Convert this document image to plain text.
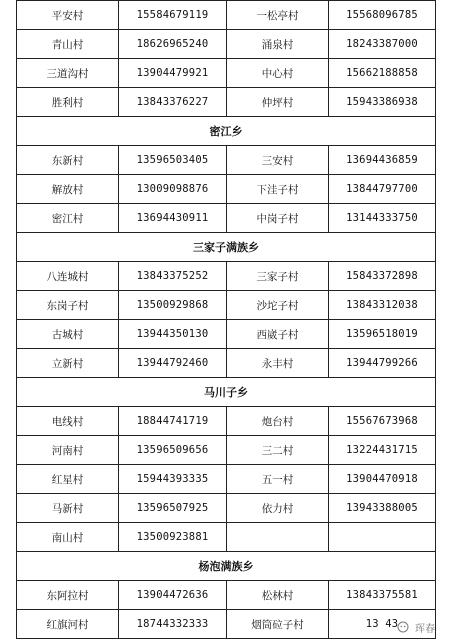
平安村	15584679119	一松亭村	15568096785
青山村	18626965240	涌泉村	18243387000
三道沟村	13904479921	中心村	15662188858
胜利村	13843376227	仲坪村	15943386938
密江乡			
东新村	13596503405	三安村	13694436859
解放村	13009098876	下洼子村	13844797700
密江村	13694430911	中岗子村	13144333750
三家子满族乡			
八连城村	13843375252	三家子村	15843372898
东岗子村	13500929868	沙坨子村	13843312038
古城村	13944350130	西崴子村	13596518019
立新村	13944792460	永丰村	13944799266
马川子乡			
电线村	18844741719	炮台村	15567673968
河南村	13596509656	三二村	13224431715
红星村	15944393335	五一村	13904470918
马新村	13596507925	依力村	13943388005
南山村	13500923881		
杨泡满族乡			
东阿拉村	13904472636	松林村	13843375581
红旗河村	18744332333	烟筒砬子村	13 43 珲春
